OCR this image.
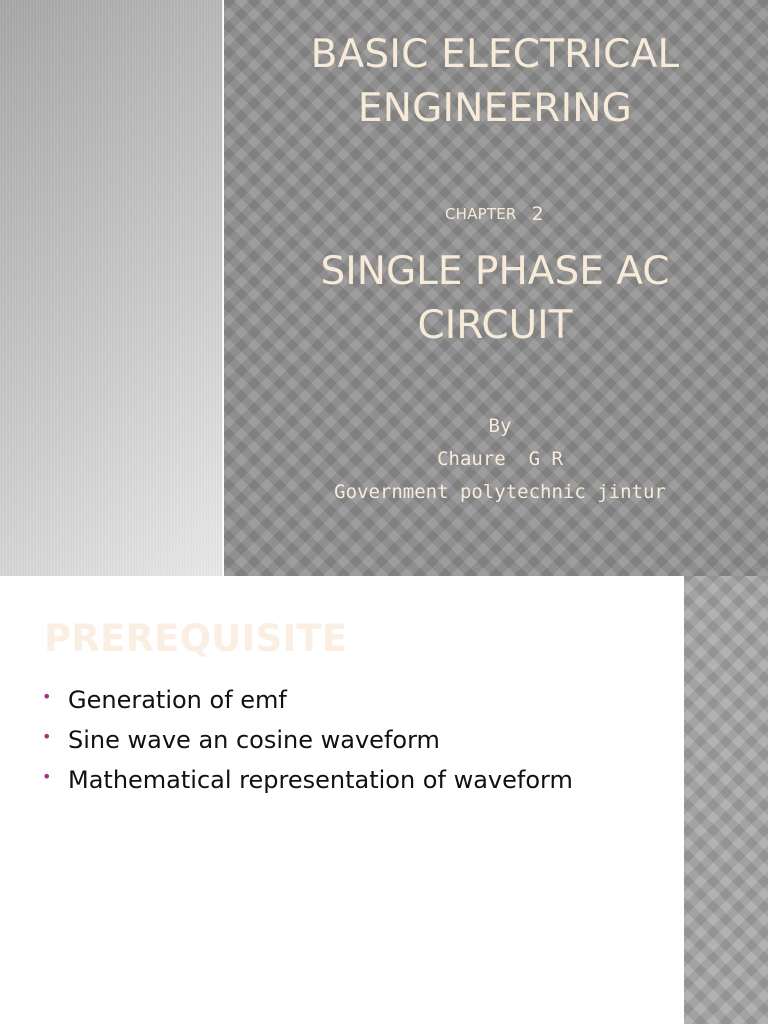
BASIC ELECTRICAL ENGINEERING
CHAPTER 2
SINGLE PHASE AC CIRCUIT
By
Chaure  G R
Government polytechnic jintur
PREREQUISITE
• Generation of emf
• Sine wave an cosine waveform
• Mathematical representation of waveform
